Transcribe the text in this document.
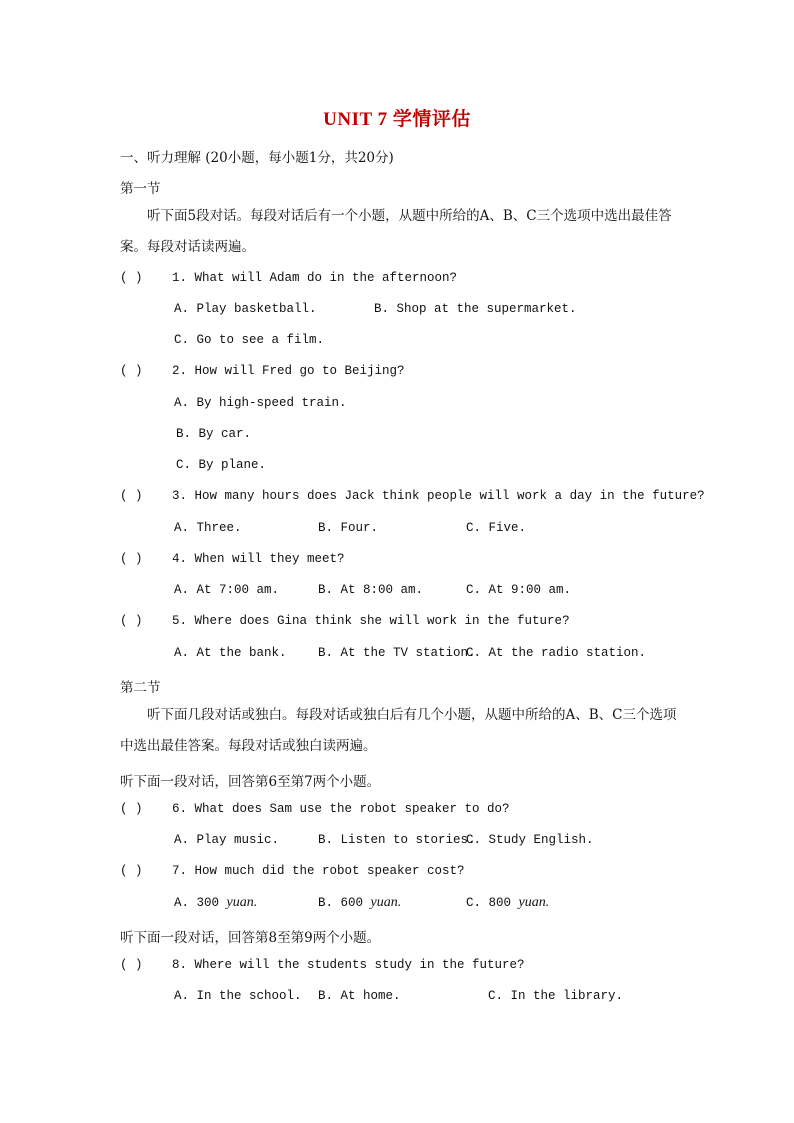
UNIT 7 学情评估
一、听力理解 (20小题，每小题1分，共20分)
第一节
听下面5段对话。每段对话后有一个小题，从题中所给的A、B、C三个选项中选出最佳答案。每段对话读两遍。
( ) 1. What will Adam do in the afternoon?
A. Play basketball.	B. Shop at the supermarket.
C. Go to see a film.
( ) 2. How will Fred go to Beijing?
A. By high-speed train.
B. By car.
C. By plane.
( ) 3. How many hours does Jack think people will work a day in the future?
A. Three.	B. Four.	C. Five.
( ) 4. When will they meet?
A. At 7:00 am.	B. At 8:00 am.	C. At 9:00 am.
( ) 5. Where does Gina think she will work in the future?
A. At the bank.	B. At the TV station.
C. At the radio station.
第二节
听下面几段对话或独白。每段对话或独白后有几个小题，从题中所给的A、B、C三个选项中选出最佳答案。每段对话或独白读两遍。
听下面一段对话，回答第6至第7两个小题。
( ) 6. What does Sam use the robot speaker to do?
A. Play music.	B. Listen to stories.
C. Study English.
( ) 7. How much did the robot speaker cost?
A. 300 yuan.	B. 600 yuan.	C. 800 yuan.
听下面一段对话，回答第8至第9两个小题。
( ) 8. Where will the students study in the future?
A. In the school. B. At home.	C. In the library.
